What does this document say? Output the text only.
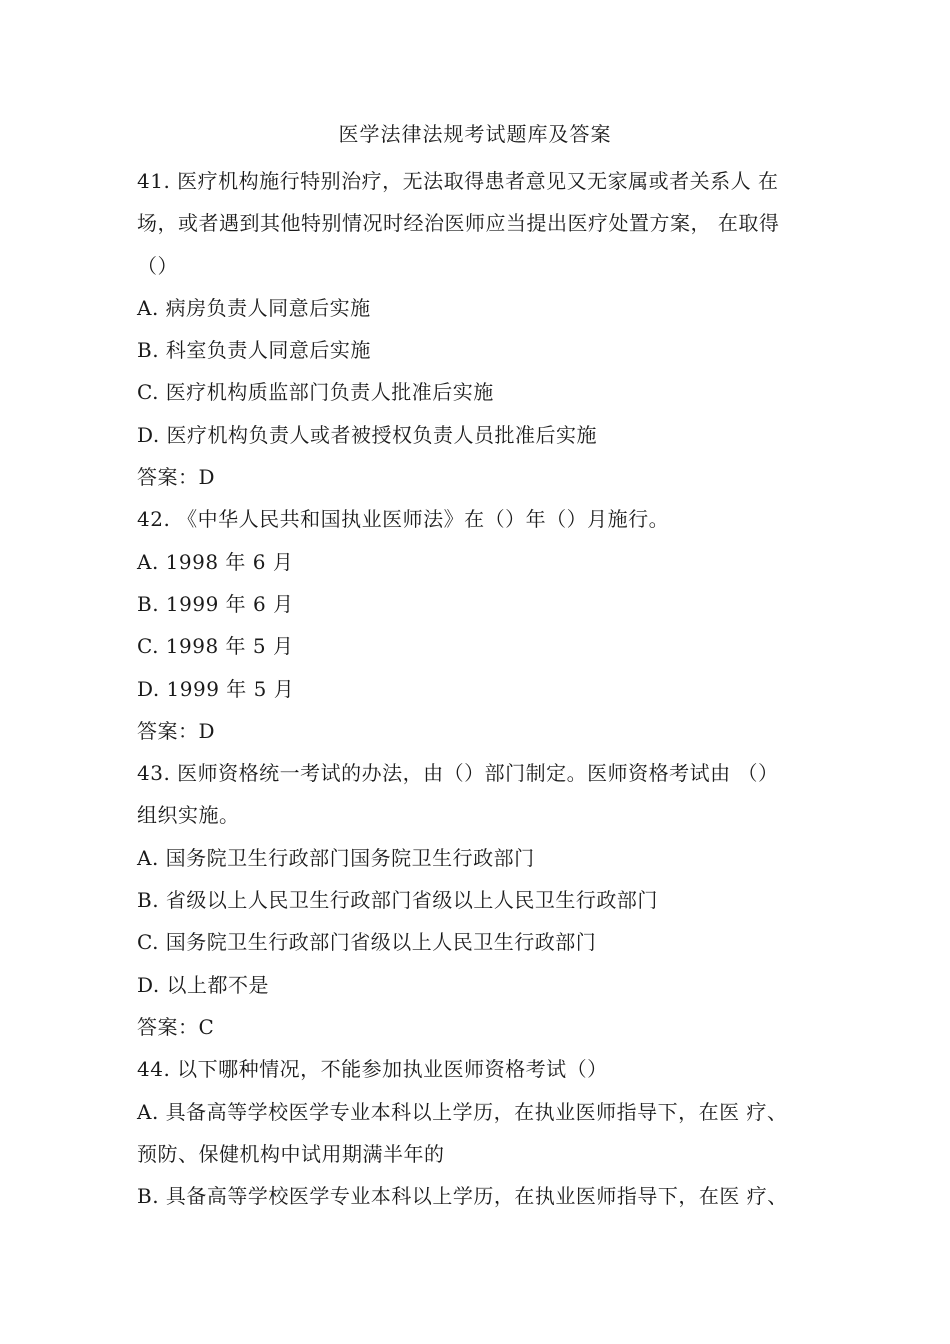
医学法律法规考试题库及答案
41. 医疗机构施行特别治疗，无法取得患者意见又无家属或者关系人 在
场，或者遇到其他特别情况时经治医师应当提出医疗处置方案， 在取得
（）
A. 病房负责人同意后实施
B. 科室负责人同意后实施
C. 医疗机构质监部门负责人批准后实施
D. 医疗机构负责人或者被授权负责人员批准后实施
答案：D
42. 《中华人民共和国执业医师法》在（）年（）月施行。
A. 1998 年 6 月
B. 1999 年 6 月
C. 1998 年 5 月
D. 1999 年 5 月
答案：D
43. 医师资格统一考试的办法，由（）部门制定。医师资格考试由 （）
组织实施。
A. 国务院卫生行政部门国务院卫生行政部门
B. 省级以上人民卫生行政部门省级以上人民卫生行政部门
C. 国务院卫生行政部门省级以上人民卫生行政部门
D. 以上都不是
答案：C
44. 以下哪种情况，不能参加执业医师资格考试（）
A. 具备高等学校医学专业本科以上学历，在执业医师指导下，在医 疗、
预防、保健机构中试用期满半年的
B. 具备高等学校医学专业本科以上学历，在执业医师指导下，在医 疗、
